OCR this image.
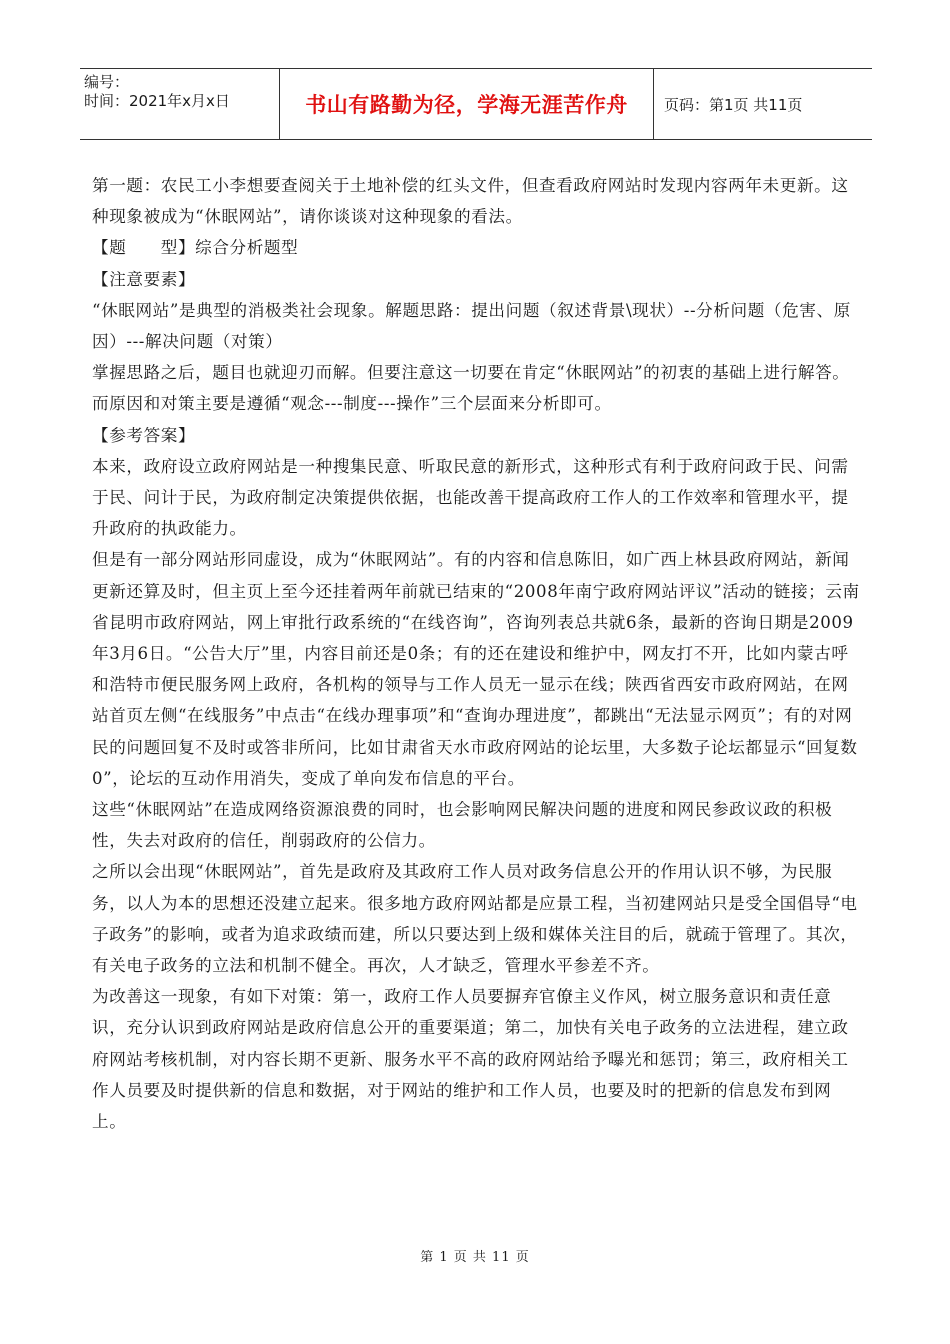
编号：
时间：2021年x月x日	书山有路勤为径，学海无涯苦作舟	页码：第1页 共11页

第一题：农民工小李想要查阅关于土地补偿的红头文件，但查看政府网站时发现内容两年未更新。这种现象被成为“休眠网站”，请你谈谈对这种现象的看法。

【题　　型】综合分析题型

【注意要素】

“休眠网站”是典型的消极类社会现象。解题思路：提出问题（叙述背景\现状）--分析问题（危害、原因）---解决问题（对策）

掌握思路之后，题目也就迎刃而解。但要注意这一切要在肯定“休眠网站”的初衷的基础上进行解答。而原因和对策主要是遵循“观念---制度---操作”三个层面来分析即可。

【参考答案】

本来，政府设立政府网站是一种搜集民意、听取民意的新形式，这种形式有利于政府问政于民、问需于民、问计于民，为政府制定决策提供依据，也能改善干提高政府工作人的工作效率和管理水平，提升政府的执政能力。

但是有一部分网站形同虚设，成为“休眠网站”。有的内容和信息陈旧，如广西上林县政府网站，新闻更新还算及时，但主页上至今还挂着两年前就已结束的“2008年南宁政府网站评议”活动的链接；云南省昆明市政府网站，网上审批行政系统的“在线咨询”，咨询列表总共就6条，最新的咨询日期是2009年3月6日。“公告大厅”里，内容目前还是0条；有的还在建设和维护中，网友打不开，比如内蒙古呼和浩特市便民服务网上政府，各机构的领导与工作人员无一显示在线；陕西省西安市政府网站，在网站首页左侧“在线服务”中点击“在线办理事项”和“查询办理进度”，都跳出“无法显示网页”；有的对网民的问题回复不及时或答非所问，比如甘肃省天水市政府网站的论坛里，大多数子论坛都显示“回复数0”，论坛的互动作用消失，变成了单向发布信息的平台。

这些“休眠网站”在造成网络资源浪费的同时，也会影响网民解决问题的进度和网民参政议政的积极性，失去对政府的信任，削弱政府的公信力。

之所以会出现“休眠网站”，首先是政府及其政府工作人员对政务信息公开的作用认识不够，为民服务，以人为本的思想还没建立起来。很多地方政府网站都是应景工程，当初建网站只是受全国倡导“电子政务”的影响，或者为追求政绩而建，所以只要达到上级和媒体关注目的后，就疏于管理了。其次，有关电子政务的立法和机制不健全。再次，人才缺乏，管理水平参差不齐。

为改善这一现象，有如下对策：第一，政府工作人员要摒弃官僚主义作风，树立服务意识和责任意识，充分认识到政府网站是政府信息公开的重要渠道；第二，加快有关电子政务的立法进程，建立政府网站考核机制，对内容长期不更新、服务水平不高的政府网站给予曝光和惩罚；第三，政府相关工作人员要及时提供新的信息和数据，对于网站的维护和工作人员，也要及时的把新的信息发布到网上。

第 1 页 共 11 页
